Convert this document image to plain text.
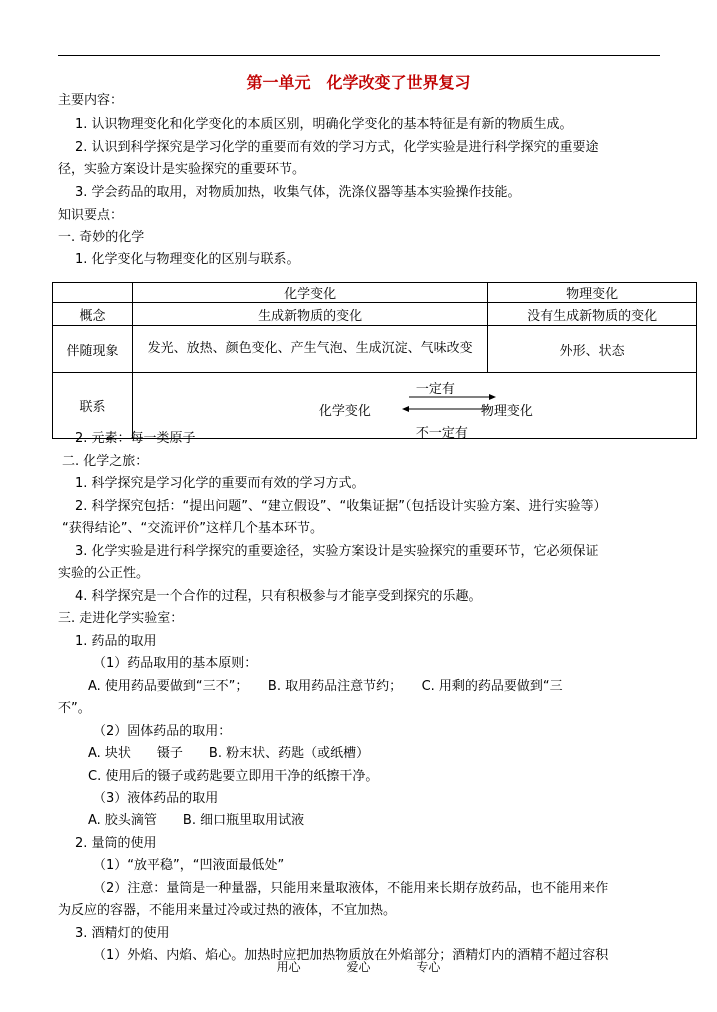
第一单元　化学改变了世界复习
主要内容：
1. 认识物理变化和化学变化的本质区别，明确化学变化的基本特征是有新的物质生成。
2. 认识到科学探究是学习化学的重要而有效的学习方式，化学实验是进行科学探究的重要途
径，实验方案设计是实验探究的重要环节。
3. 学会药品的取用，对物质加热，收集气体，洗涤仪器等基本实验操作技能。
知识要点：
一. 奇妙的化学
1. 化学变化与物理变化的区别与联系。
2. 元素：每一类原子
二. 化学之旅：
1. 科学探究是学习化学的重要而有效的学习方式。
2. 科学探究包括：“提出问题”、“建立假设”、“收集证据”（包括设计实验方案、进行实验等）
“获得结论”、“交流评价”这样几个基本环节。
3. 化学实验是进行科学探究的重要途径，实验方案设计是实验探究的重要环节，它必须保证
实验的公正性。
4. 科学探究是一个合作的过程，只有积极参与才能享受到探究的乐趣。
三. 走进化学实验室：
1. 药品的取用
（1）药品取用的基本原则：
A. 使用药品要做到“三不”；　　B. 取用药品注意节约；　　C. 用剩的药品要做到“三
不”。
（2）固体药品的取用：
A. 块状　　镊子　　B. 粉末状、药匙（或纸槽）
C. 使用后的镊子或药匙要立即用干净的纸擦干净。
（3）液体药品的取用
A. 胶头滴管　　B. 细口瓶里取用试液
2. 量筒的使用
（1）“放平稳”，“凹液面最低处”
（2）注意：量筒是一种量器，只能用来量取液体，不能用来长期存放药品，也不能用来作
为反应的容器，不能用来量过冷或过热的液体，不宜加热。
3. 酒精灯的使用
（1）外焰、内焰、焰心。加热时应把加热物质放在外焰部分；酒精灯内的酒精不超过容积
	化学变化	物理变化
概念	生成新物质的变化	没有生成新物质的变化
伴随现象	发光、放热、颜色变化、产生气泡、生成沉淀、气味改变	外形、状态
联系	化学变化 物理变化
一定有
不一定有	
用心	爱心	专心
